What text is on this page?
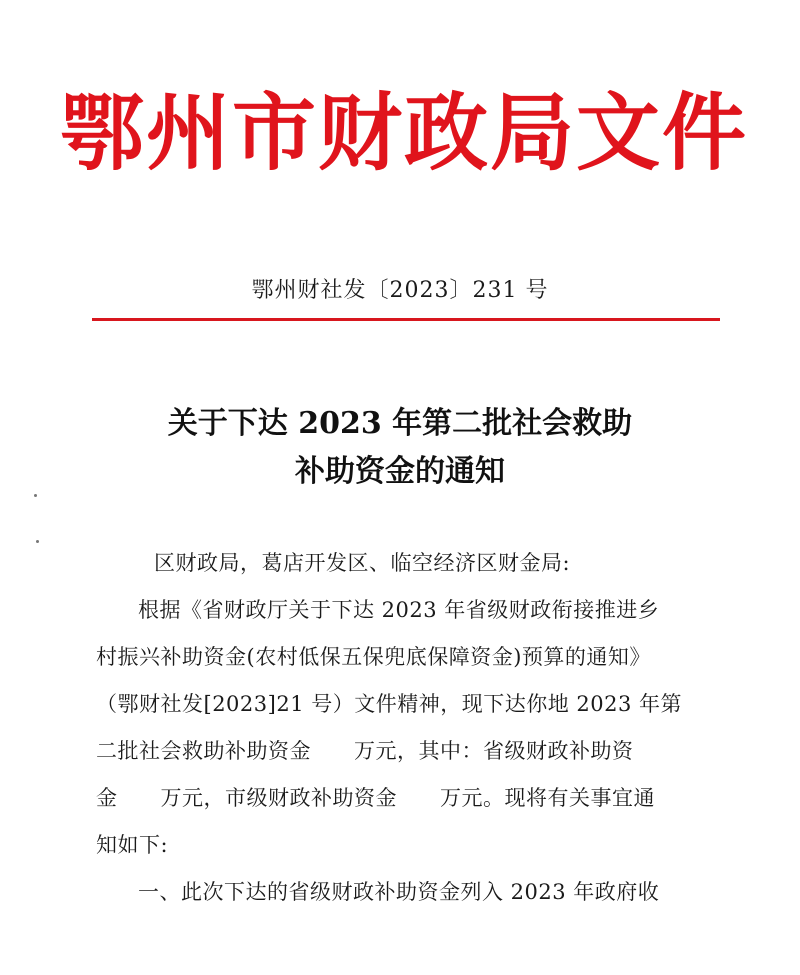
鄂州市财政局文件
鄂州财社发〔2023〕231 号
关于下达 2023 年第二批社会救助
补助资金的通知

区财政局，葛店开发区、临空经济区财金局:

根据《省财政厅关于下达 2023 年省级财政衔接推进乡

村振兴补助资金(农村低保五保兜底保障资金)预算的通知》

（鄂财社发[2023]21 号）文件精神，现下达你地 2023 年第

二批社会救助补助资金　　万元，其中：省级财政补助资

金　　万元，市级财政补助资金　　万元。现将有关事宜通

知如下:

一、此次下达的省级财政补助资金列入 2023 年政府收
